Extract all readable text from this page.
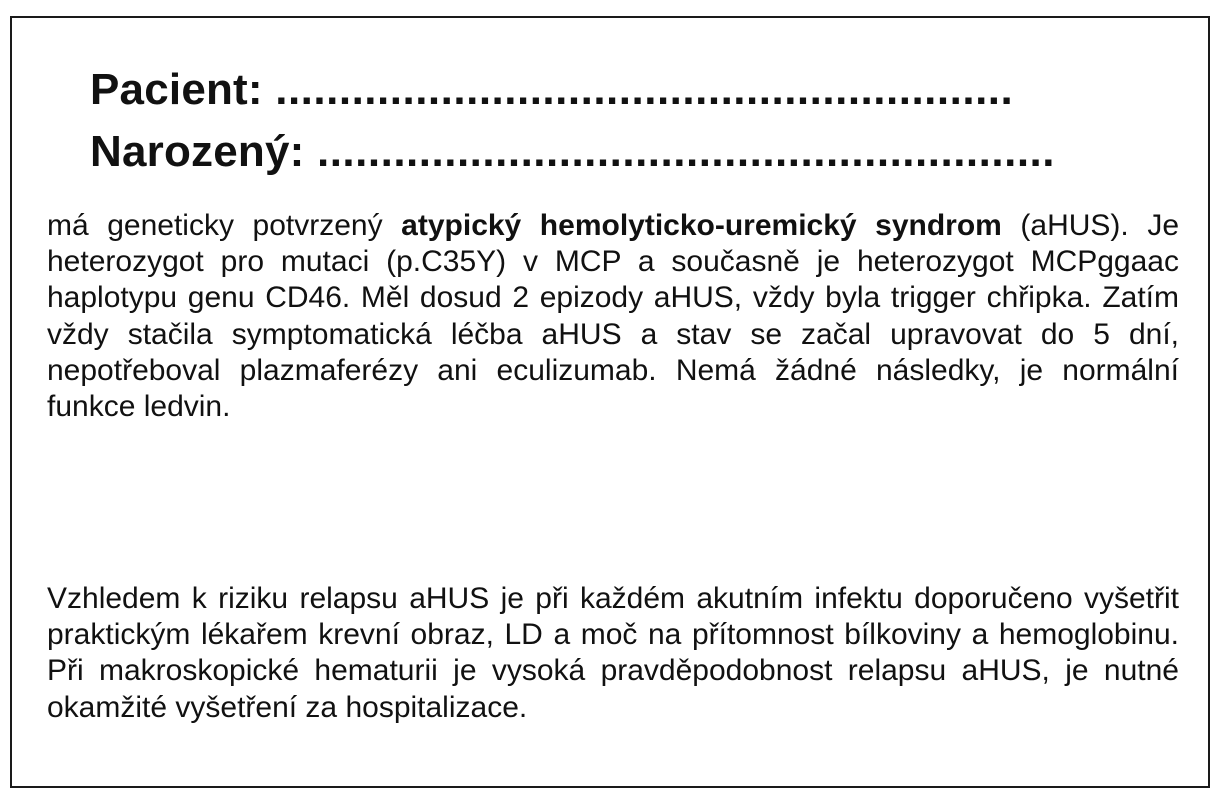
Pacient: ..........................................................
Narozený: ..........................................................

má geneticky potvrzený atypický hemolyticko-uremický syndrom (aHUS). Je heterozygot pro mutaci (p.C35Y) v MCP a současně je heterozygot MCPggaac haplotypu genu CD46. Měl dosud 2 epizody aHUS, vždy byla trigger chřipka. Zatím vždy stačila symptomatická léčba aHUS a stav se začal upravovat do 5 dní, nepotřeboval plazmaferézy ani eculizumab. Nemá žádné následky, je normální funkce ledvin.

Vzhledem k riziku relapsu aHUS je při každém akutním infektu doporučeno vyšetřit praktickým lékařem krevní obraz, LD a moč na přítomnost bílkoviny a hemoglobinu. Při makroskopické hematurii je vysoká pravděpodobnost relapsu aHUS, je nutné okamžité vyšetření za hospitalizace.
